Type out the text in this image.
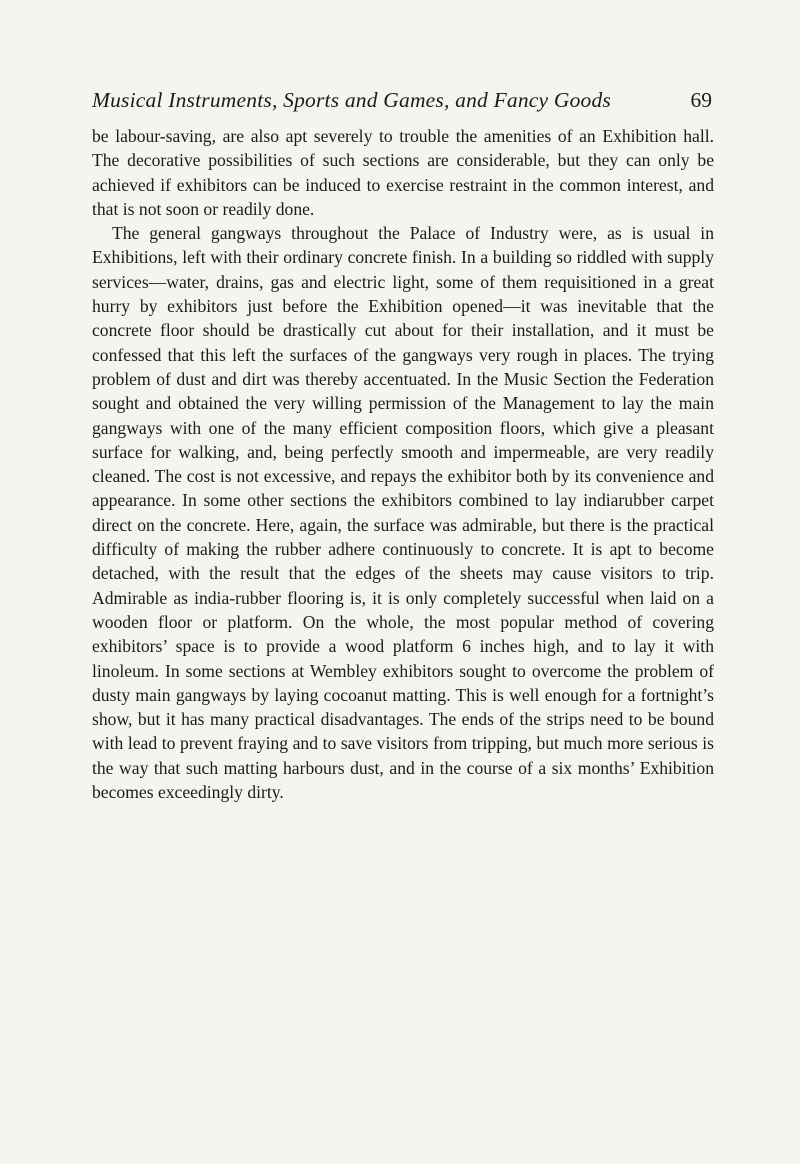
Musical Instruments, Sports and Games, and Fancy Goods	69

be labour-saving, are also apt severely to trouble the amenities of an Exhibition hall. The decorative possibilities of such sections are considerable, but they can only be achieved if exhibitors can be induced to exercise restraint in the common interest, and that is not soon or readily done.

The general gangways throughout the Palace of Industry were, as is usual in Exhibitions, left with their ordinary concrete finish. In a building so riddled with supply services—water, drains, gas and electric light, some of them requisitioned in a great hurry by exhibitors just before the Exhibition opened—it was inevitable that the concrete floor should be drastically cut about for their installation, and it must be confessed that this left the surfaces of the gangways very rough in places. The trying problem of dust and dirt was thereby accentuated. In the Music Section the Federation sought and obtained the very willing permission of the Management to lay the main gangways with one of the many efficient composition floors, which give a pleasant surface for walking, and, being perfectly smooth and impermeable, are very readily cleaned. The cost is not excessive, and repays the exhibitor both by its convenience and appearance. In some other sections the exhibitors combined to lay indiarubber carpet direct on the concrete. Here, again, the surface was admirable, but there is the practical difficulty of making the rubber adhere continuously to concrete. It is apt to become detached, with the result that the edges of the sheets may cause visitors to trip. Admirable as india-rubber flooring is, it is only completely successful when laid on a wooden floor or platform. On the whole, the most popular method of covering exhibitors’ space is to provide a wood platform 6 inches high, and to lay it with linoleum. In some sections at Wembley exhibitors sought to overcome the problem of dusty main gangways by laying cocoanut matting. This is well enough for a fortnight’s show, but it has many practical disadvantages. The ends of the strips need to be bound with lead to prevent fraying and to save visitors from tripping, but much more serious is the way that such matting harbours dust, and in the course of a six months’ Exhibition becomes exceedingly dirty.
